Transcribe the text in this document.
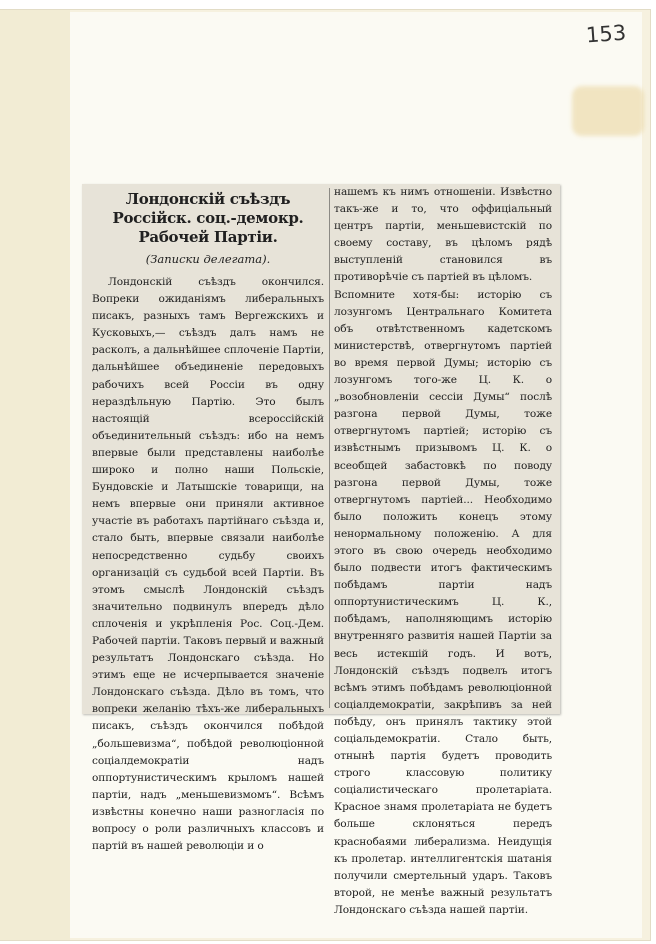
153
Лондонскій съѣздъ Россійск. соц.-демокр. Рабочей Партіи.
(Записки делегата).

Лондонскій съѣздъ окончился. Вопреки ожиданіямъ либеральныхъ писакъ, разныхъ тамъ Вергежскихъ и Кусковыхъ,— съѣздъ далъ намъ не расколъ, а дальнѣйшее сплоченіе Партіи, дальнѣйшее объединеніе передовыхъ рабочихъ всей Россіи въ одну нераздѣльную Партію. Это былъ настоящій всероссійскій объединительный съѣздъ: ибо на немъ впервые были представлены наиболѣе широко и полно наши Польскіе, Бундовскіе и Латышскіе товарищи, на немъ впервые они приняли активное участіе въ работахъ партійнаго съѣзда и, стало быть, впервые связали наиболѣе непосредственно судьбу своихъ организацій съ судьбой всей Партіи. Въ этомъ смыслѣ Лондонскій съѣздъ значительно подвинулъ впередъ дѣло сплоченія и укрѣпленія Рос. Соц.-Дем. Рабочей партіи. Таковъ первый и важный результатъ Лондонскаго съѣзда. Но этимъ еще не исчерпывается значеніе Лондонскаго съѣзда. Дѣло въ томъ, что вопреки желанію тѣхъ-же либеральныхъ писакъ, съѣздъ окончился побѣдой „большевизма“, побѣдой революціонной соціалдемократіи надъ оппортунистическимъ крыломъ нашей партіи, надъ „меньшевизмомъ“. Всѣмъ извѣстны конечно наши разногласія по вопросу о роли различныхъ классовъ и партій въ нашей революціи и о

нашемъ къ нимъ отношеніи. Извѣстно такъ-же и то, что оффиціальный центръ партіи, меньшевистскій по своему составу, въ цѣломъ рядѣ выступленій становился въ противорѣчіе съ партіей въ цѣломъ.

Вспомните хотя-бы: исторію съ лозунгомъ Центральнаго Комитета объ отвѣтственномъ кадетскомъ министерствѣ, отвергнутомъ партіей во время первой Думы; исторію съ лозунгомъ того-же Ц. К. о „возобновленіи сессіи Думы“ послѣ разгона первой Думы, тоже отвергнутомъ партіей; исторію съ извѣстнымъ призывомъ Ц. К. о всеобщей забастовкѣ по поводу разгона первой Думы, тоже отвергнутомъ партіей... Необходимо было положить конецъ этому ненормальному положенію. А для этого въ свою очередь необходимо было подвести итогъ фактическимъ побѣдамъ партіи надъ оппортунистическимъ Ц. К., побѣдамъ, наполняющимъ исторію внутренняго развитія нашей Партіи за весь истекшій годъ. И вотъ, Лондонскій съѣздъ подвелъ итогъ всѣмъ этимъ побѣдамъ революціонной соціалдемократіи, закрѣпивъ за ней побѣду, онъ принялъ тактику этой соціальдемократіи. Стало быть, отнынѣ партія будетъ проводить строго классовую политику соціалистическаго пролетаріата. Красное знамя пролетаріата не будетъ больше склоняться передъ краснобаями либерализма. Неидущія къ пролетар. интеллигентскія шатанія получили смертельный ударъ. Таковъ второй, не менѣе важный результатъ Лондонскаго съѣзда нашей партіи.
